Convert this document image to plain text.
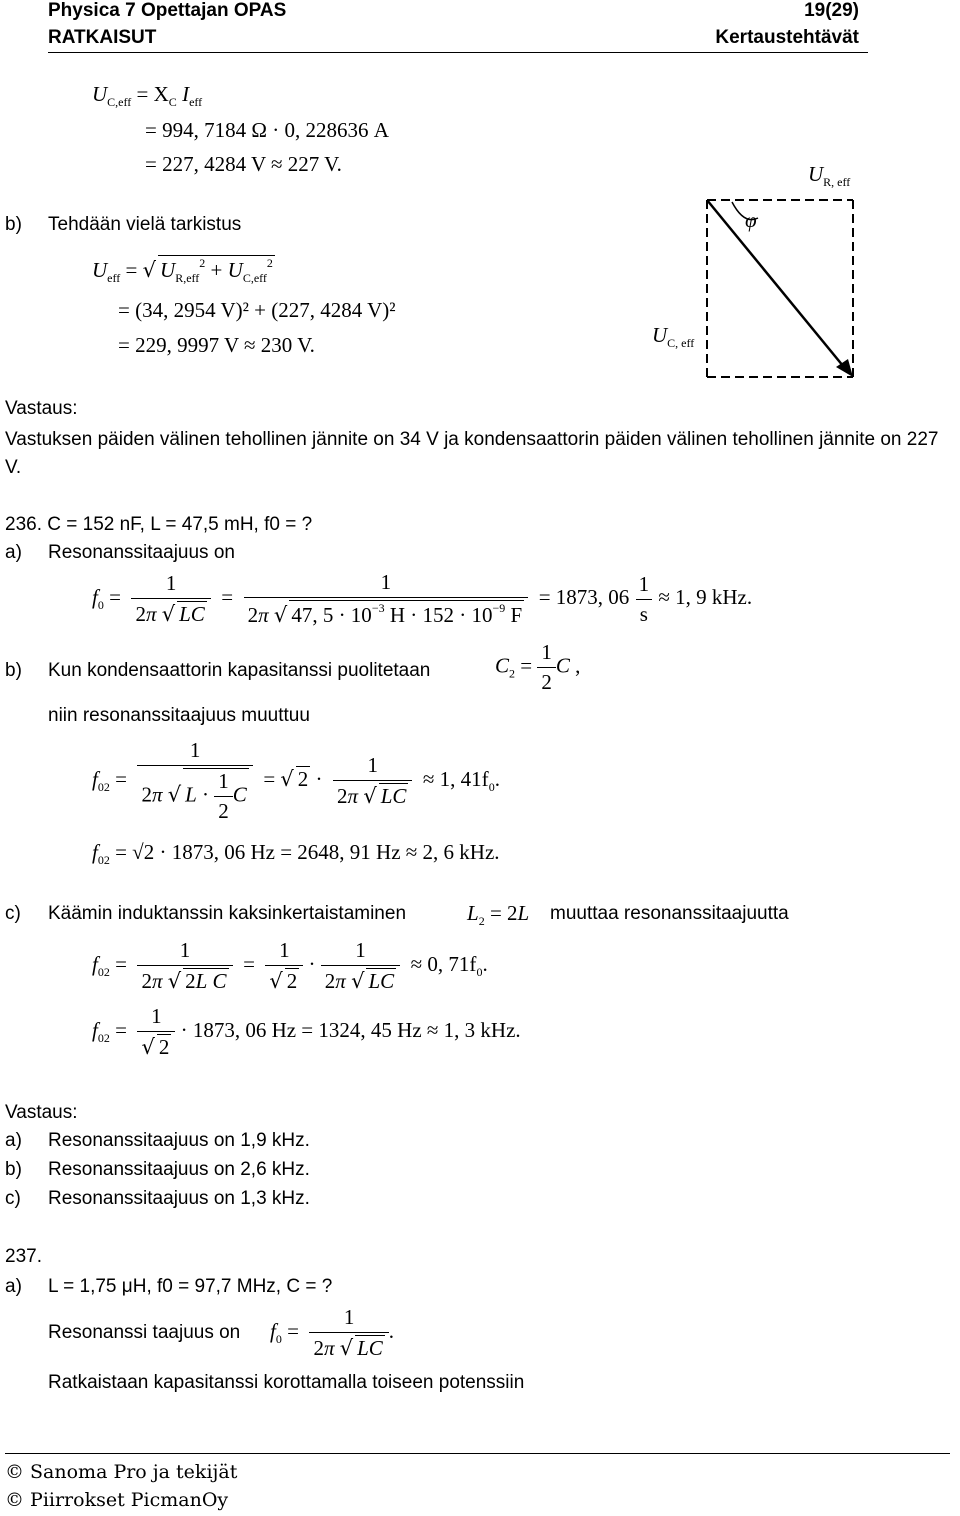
Physica 7 Opettajan OPAS
RATKAISUT
19(29)
Kertaustehtävät
$U_{C,eff} = X_C$ $I_{eff}$
= 994, 7184 Ω · 0, 228636 A
= 227, 4284 V ≈ 227 V.	$U_{R, eff}$
φ
$U_{C, eff}$
b) Tehdään vielä tarkistus
$U_{eff}$ = √ $U_{R,eff}^2 + U_{C,eff}^2$
= (34, 2954 V)² + (227, 4284 V)²
= 229, 9997 V ≈ 230 V.
Vastaus:
Vastuksen päiden välinen tehollinen jännite on 34 V ja kondensaattorin päiden välinen tehollinen jännite on 227 V.
236. C = 152 nF, L = 47,5 mH, f0 = ?
a) Resonanssitaajuus on
$f_0 = \frac{1}{2\pi √ LC} = \frac{1}{2\pi √ 47, 5 \cdot 10^{-3} H \cdot 152 \cdot 10^{-9} F} = 1873$, $06 \frac{1}{s} \approx 1$, 9 kHz.
b) Kun kondensaattorin kapasitanssi puolitetaan	$C_2 = \frac{1}{2}$ C ,
niin resonanssitaajuus muuttuu
$f_{02} = \frac{1}{2\pi √ L \cdot \frac{1}{2} C}$ = √ $2 \cdot \frac{1}{2\pi √ LC} \approx 1$, $41f_0$.
$f_{02} = √2 \cdot 1873$, 06 Hz = 2648, 91 Hz ≈ 2, 6 kHz.
c) Käämin induktanssin kaksinkertaistaminen	$L_2 = 2L$ muuttaa resonanssitaajuutta
$f_{02} = \frac{1}{\text{2π √ 2L C}} = \frac{1}{√ 2} \cdot \frac{1}{2\pi √ LC} \approx 0$, $71f_0$.
$f_{02} = \frac{1}{√ 2} \cdot 1873$, 06 Hz = 1324, 45 Hz ≈ 1, 3 kHz.
Vastaus:
a) Resonanssitaajuus on 1,9 kHz.
b) Resonanssitaajuus on 2,6 kHz.
c) Resonanssitaajuus on 1,3 kHz.
237.
a) L = 1,75 μH, f0 = 97,7 MHz, C = ?
Resonanssi taajuus on $f_0 = \frac{1}{2\pi √ LC}$ .
Ratkaistaan kapasitanssi korottamalla toiseen potenssiin
© Sanoma Pro ja tekijät
© Piirrokset PicmanOy
